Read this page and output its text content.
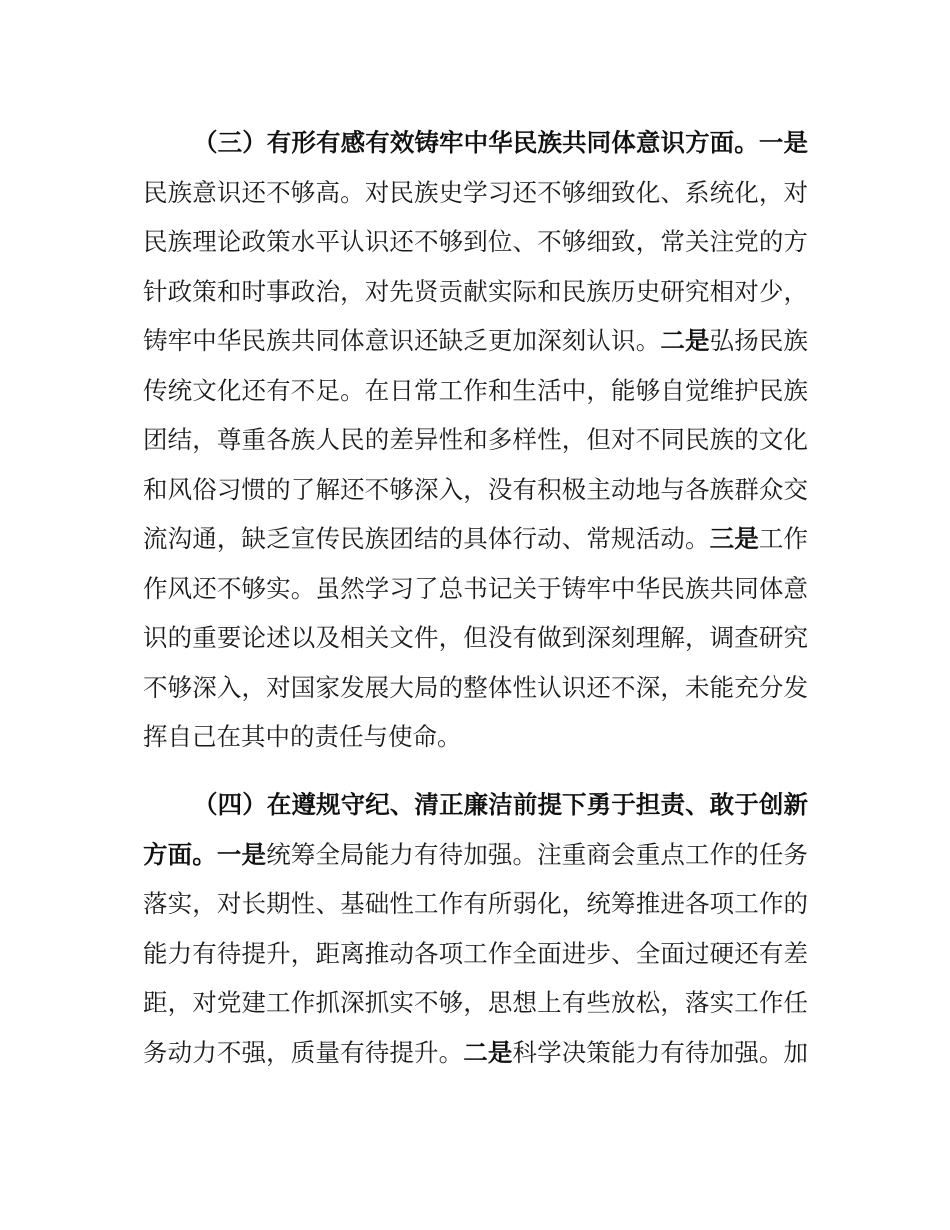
（三）有形有感有效铸牢中华民族共同体意识方面。一是
民族意识还不够高。对民族史学习还不够细致化、系统化，对
民族理论政策水平认识还不够到位、不够细致，常关注党的方
针政策和时事政治，对先贤贡献实际和民族历史研究相对少，
铸牢中华民族共同体意识还缺乏更加深刻认识。二是弘扬民族
传统文化还有不足。在日常工作和生活中，能够自觉维护民族
团结，尊重各族人民的差异性和多样性，但对不同民族的文化
和风俗习惯的了解还不够深入，没有积极主动地与各族群众交
流沟通，缺乏宣传民族团结的具体行动、常规活动。三是工作
作风还不够实。虽然学习了总书记关于铸牢中华民族共同体意
识的重要论述以及相关文件，但没有做到深刻理解，调查研究
不够深入，对国家发展大局的整体性认识还不深，未能充分发
挥自己在其中的责任与使命。
（四）在遵规守纪、清正廉洁前提下勇于担责、敢于创新
方面。一是统筹全局能力有待加强。注重商会重点工作的任务
落实，对长期性、基础性工作有所弱化，统筹推进各项工作的
能力有待提升，距离推动各项工作全面进步、全面过硬还有差
距，对党建工作抓深抓实不够，思想上有些放松，落实工作任
务动力不强，质量有待提升。二是科学决策能力有待加强。加
